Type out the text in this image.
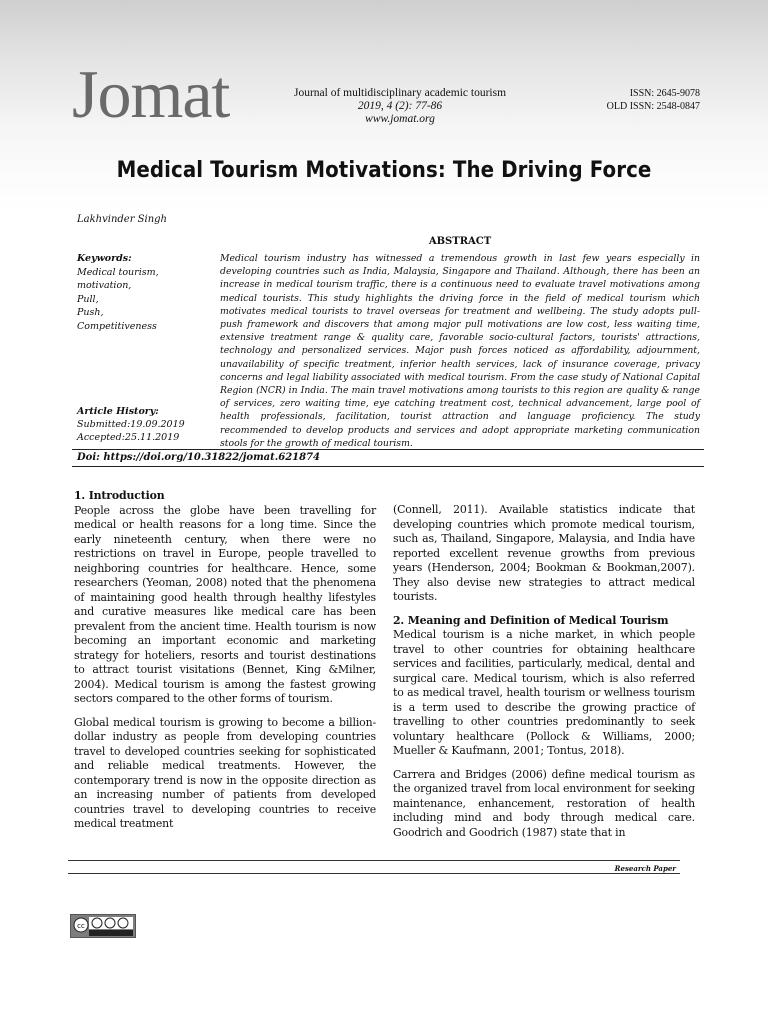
Jomat	Journal of multidisciplinary academic tourism
2019, 4 (2): 77-86
www.jomat.org
ISSN: 2645-9078
OLD ISSN: 2548-0847
Medical Tourism Motivations: The Driving Force
Lakhvinder Singh
ABSTRACT
Keywords:
Medical tourism,
motivation,
Pull,
Push,
Competitiveness
Medical tourism industry has witnessed a tremendous growth in last few years especially in developing countries such as India, Malaysia, Singapore and Thailand. Although, there has been an increase in medical tourism traffic, there is a continuous need to evaluate travel motivations among medical tourists. This study highlights the driving force in the field of medical tourism which motivates medical tourists to travel overseas for treatment and wellbeing. The study adopts pull-push framework and discovers that among major pull motivations are low cost, less waiting time, extensive treatment range & quality care, favorable socio-cultural factors, tourists' attractions, technology and personalized services. Major push forces noticed as affordability, adjournment, unavailability of specific treatment, inferior health services, lack of insurance coverage, privacy concerns and legal liability associated with medical tourism. From the case study of National Capital Region (NCR) in India. The main travel motivations among tourists to this region are quality & range of services, zero waiting time, eye catching treatment cost, technical advancement, large pool of health professionals, facilitation, tourist attraction and language proficiency. The study recommended to develop products and services and adopt appropriate marketing communication stools for the growth of medical tourism.
Article History:
Submitted:19.09.2019
Accepted:25.11.2019
Doi: https://doi.org/10.31822/jomat.621874
1. Introduction

People across the globe have been travelling for medical or health reasons for a long time. Since the early nineteenth century, when there were no restrictions on travel in Europe, people travelled to neighboring countries for healthcare. Hence, some researchers (Yeoman, 2008) noted that the phenomena of maintaining good health through healthy lifestyles and curative measures like medical care has been prevalent from the ancient time. Health tourism is now becoming an important economic and marketing strategy for hoteliers, resorts and tourist destinations to attract tourist visitations (Bennet, King &Milner, 2004). Medical tourism is among the fastest growing sectors compared to the other forms of tourism.

Global medical tourism is growing to become a billion-dollar industry as people from developing countries travel to developed countries seeking for sophisticated and reliable medical treatments. However, the contemporary trend is now in the opposite direction as an increasing number of patients from developed countries travel to developing countries to receive medical treatment

(Connell, 2011). Available statistics indicate that developing countries which promote medical tourism, such as, Thailand, Singapore, Malaysia, and India have reported excellent revenue growths from previous years (Henderson, 2004; Bookman & Bookman,2007). They also devise new strategies to attract medical tourists.

2. Meaning and Definition of Medical Tourism

Medical tourism is a niche market, in which people travel to other countries for obtaining healthcare services and facilities, particularly, medical, dental and surgical care. Medical tourism, which is also referred to as medical travel, health tourism or wellness tourism is a term used to describe the growing practice of travelling to other countries predominantly to seek voluntary healthcare (Pollock & Williams, 2000; Mueller & Kaufmann, 2001; Tontus, 2018).

Carrera and Bridges (2006) define medical tourism as the organized travel from local environment for seeking maintenance, enhancement, restoration of health including mind and body through medical care. Goodrich and Goodrich (1987) state that in

Research Paper
cc
